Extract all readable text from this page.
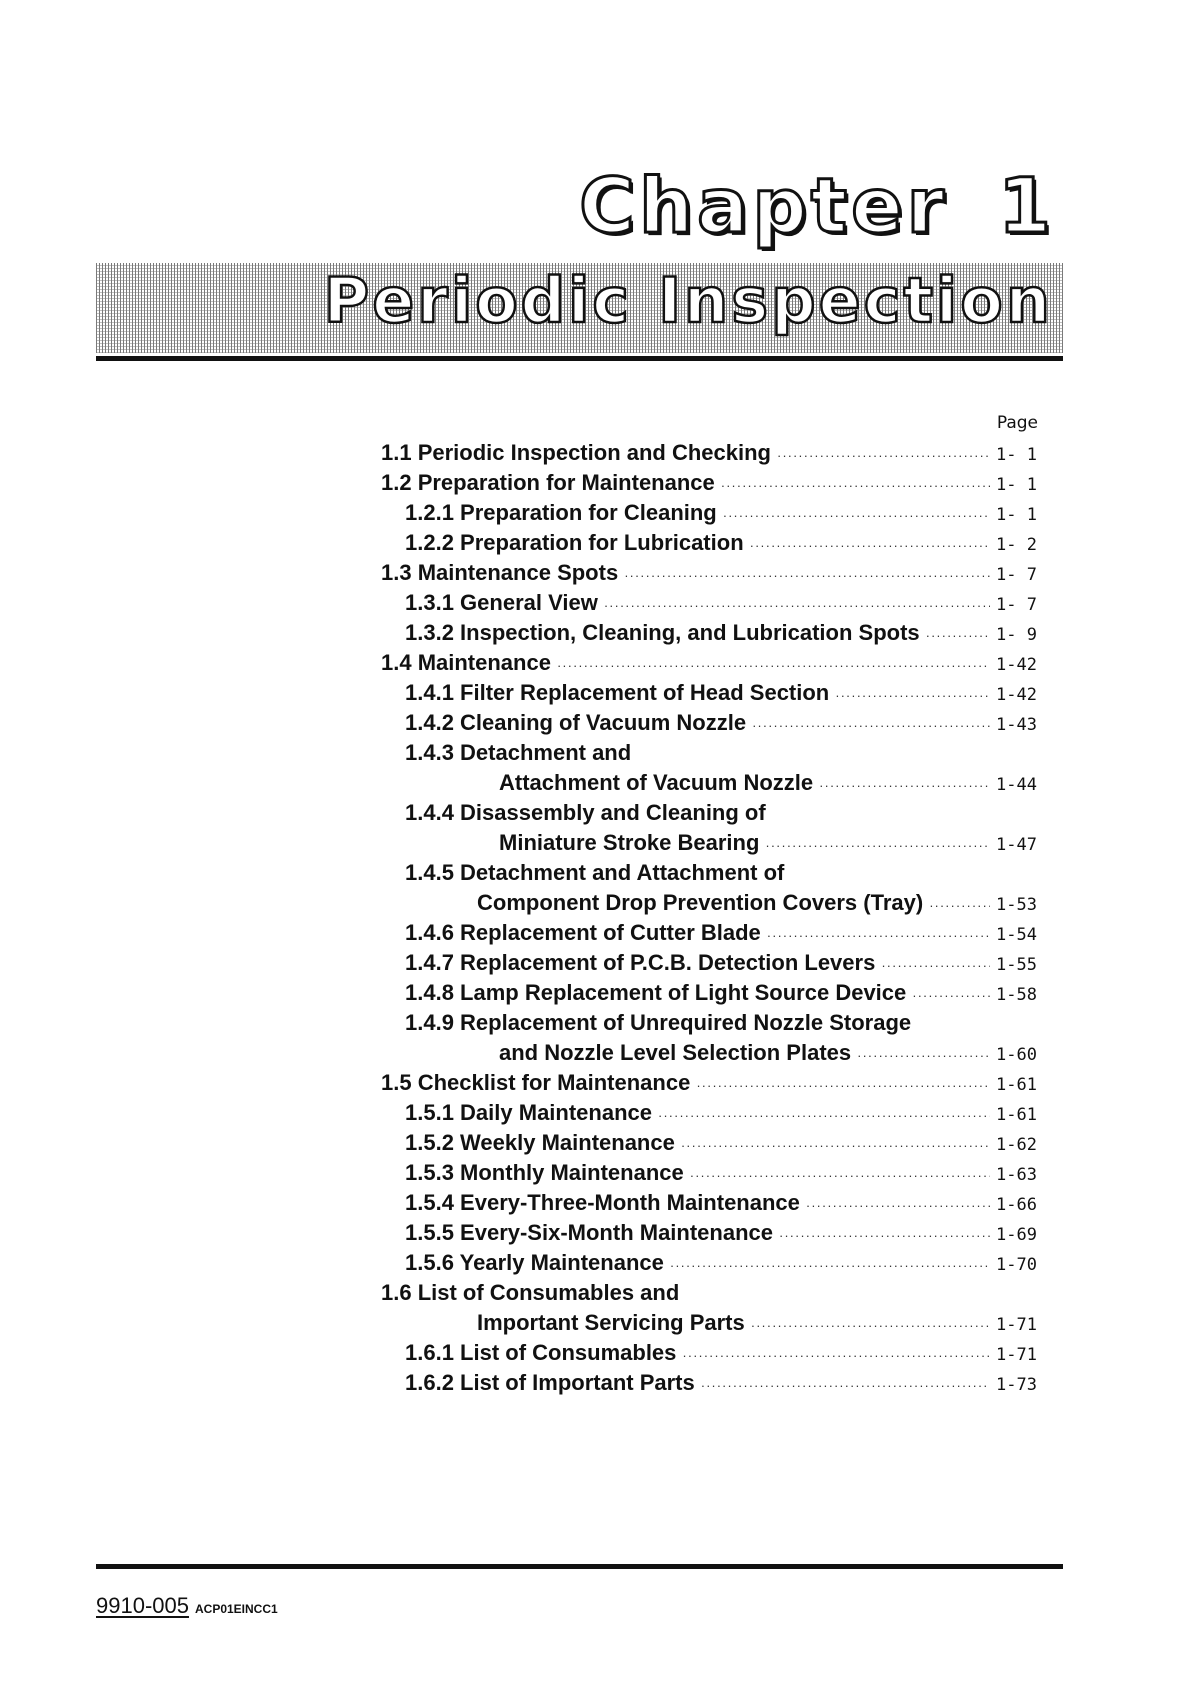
Chapter 1
Periodic Inspection
Page
1.1 Periodic Inspection and Checking ·····	1- 1
1.2 Preparation for Maintenance ·····	1- 1
1.2.1 Preparation for Cleaning ·····	1- 1
1.2.2 Preparation for Lubrication ·····	1- 2
1.3 Maintenance Spots ·····	1- 7
1.3.1 General View ·····	1- 7
1.3.2 Inspection, Cleaning, and Lubrication Spots ·····	1- 9
1.4 Maintenance ·····	1-42
1.4.1 Filter Replacement of Head Section ·····	1-42
1.4.2 Cleaning of Vacuum Nozzle ·····	1-43
1.4.3 Detachment and
Attachment of Vacuum Nozzle ·····	1-44
1.4.4 Disassembly and Cleaning of
Miniature Stroke Bearing ·····	1-47
1.4.5 Detachment and Attachment of
Component Drop Prevention Covers (Tray) ·····	1-53
1.4.6 Replacement of Cutter Blade ·····	1-54
1.4.7 Replacement of P.C.B. Detection Levers ·····	1-55
1.4.8 Lamp Replacement of Light Source Device ·····	1-58
1.4.9 Replacement of Unrequired Nozzle Storage
and Nozzle Level Selection Plates ·····	1-60
1.5 Checklist for Maintenance ·····	1-61
1.5.1 Daily Maintenance ·····	1-61
1.5.2 Weekly Maintenance ·····	1-62
1.5.3 Monthly Maintenance ·····	1-63
1.5.4 Every-Three-Month Maintenance ·····	1-66
1.5.5 Every-Six-Month Maintenance ·····	1-69
1.5.6 Yearly Maintenance ·····	1-70
1.6 List of Consumables and
Important Servicing Parts ·····	1-71
1.6.1 List of Consumables ·····	1-71
1.6.2 List of Important Parts ·····	1-73
9910-005 ACP01EINCC1
